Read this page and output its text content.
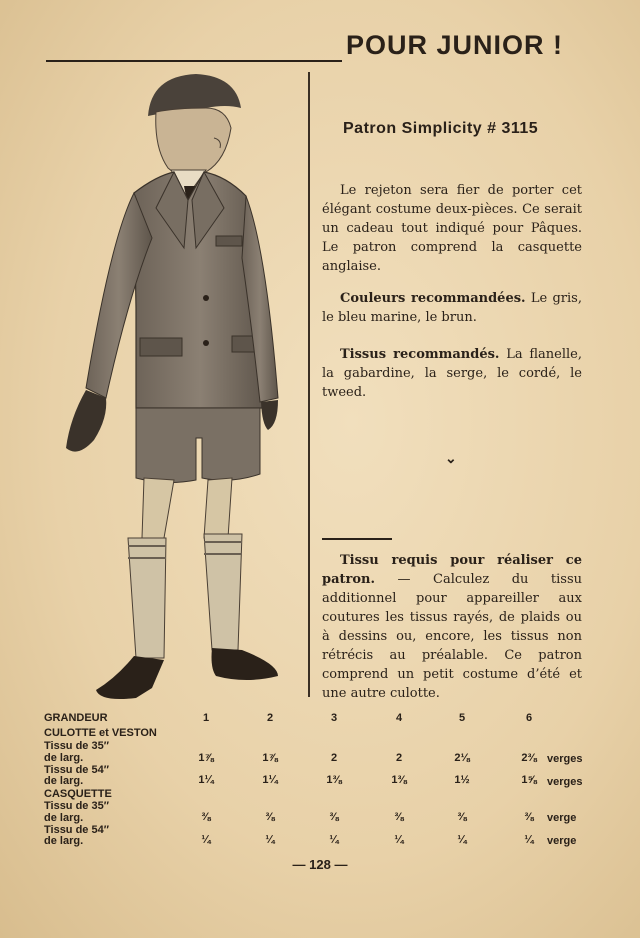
POUR JUNIOR !
Patron Simplicity # 3115
Le rejeton sera fier de porter cet élégant costume deux-pièces. Ce serait un cadeau tout indiqué pour Pâques. Le patron comprend la casquette anglaise.
Couleurs recommandées. Le gris, le bleu marine, le brun.
Tissus recommandés. La flanelle, la gabardine, la serge, le cordé, le tweed.
⌄
Tissu requis pour réaliser ce patron. — Calculez du tissu additionnel pour appareiller aux coutures les tissus rayés, de plaids ou à dessins ou, encore, les tissus non rétrécis au préalable. Ce patron comprend un petit costume d’été et une autre culotte.
GRANDEUR	1	2	3	4	5	6
CULOTTE et VESTON
Tissu de 35″
de larg.	1⅞	1⅞	2	2	2⅛	2⅜ verges
Tissu de 54″
de larg.	1¼	1¼	1⅜	1⅜	1½	1⅝ verges
CASQUETTE
Tissu de 35″
de larg.	⅜	⅜	⅜	⅜	⅜	⅜	verge
Tissu de 54″
de larg.	¼	¼	¼	¼	¼	¼	verge
— 128 —
